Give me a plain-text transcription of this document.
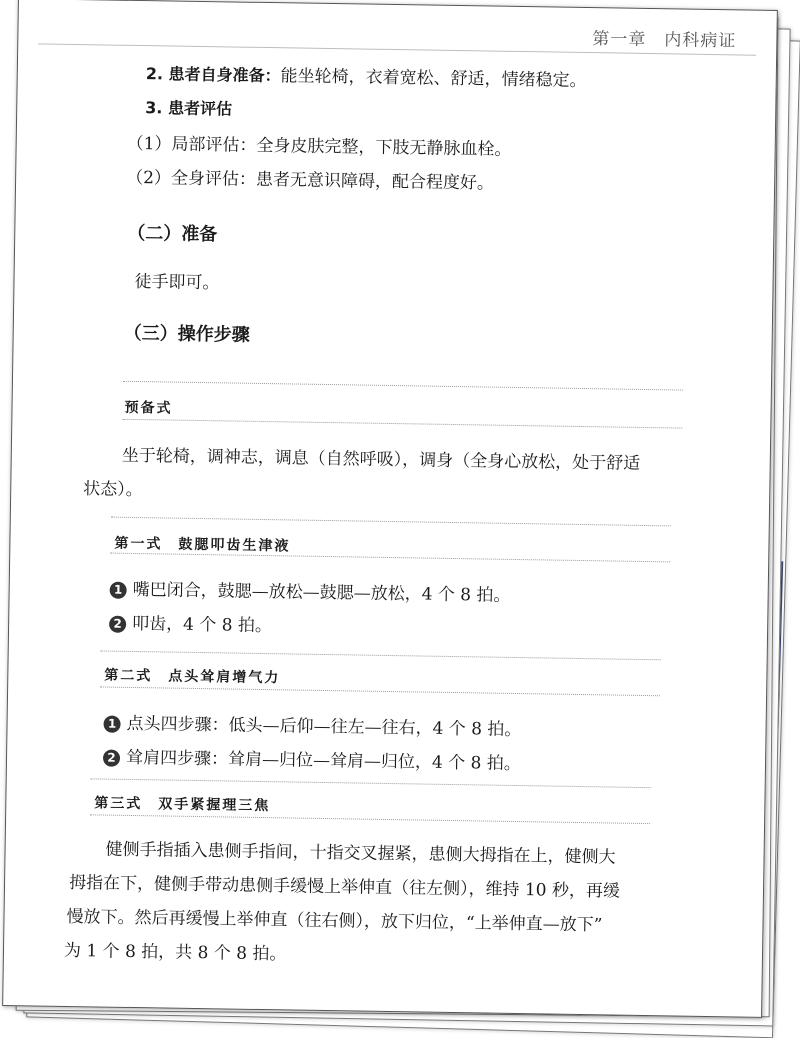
第一章　 内科病证
2. 患者自身准备：能坐轮椅，衣着宽松、舒适，情绪稳定。
3. 患者评估
（1）局部评估：全身皮肤完整，下肢无静脉血栓。
（2）全身评估：患者无意识障碍，配合程度好。
（二）准备
徒手即可。
（三）操作步骤
预备式
坐于轮椅，调神志，调息（自然呼吸），调身（全身心放松，处于舒适
状态）。
第一式　鼓腮叩齿生津液
1 嘴巴闭合，鼓腮—放松—鼓腮—放松，4 个 8 拍。
2 叩齿，4 个 8 拍。
第二式　点头耸肩增气力
1 点头四步骤：低头—后仰—往左—往右，4 个 8 拍。
2 耸肩四步骤：耸肩—归位—耸肩—归位，4 个 8 拍。
第三式　双手紧握理三焦
健侧手指插入患侧手指间，十指交叉握紧，患侧大拇指在上，健侧大
拇指在下，健侧手带动患侧手缓慢上举伸直（往左侧），维持 10 秒，再缓
慢放下。然后再缓慢上举伸直（往右侧），放下归位，“上举伸直—放下”
为 1 个 8 拍，共 8 个 8 拍。
